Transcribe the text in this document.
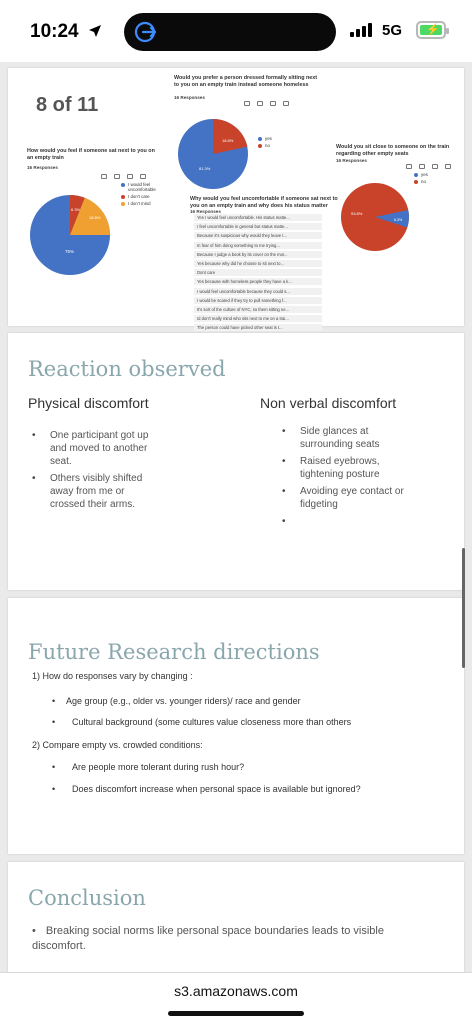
10:24	5G ⚡
8 of 11
How would you feel if someone sat next to you on an empty train
16 Responses
75%
6.3%
18.8%
I would feel uncomfortable
I don't care
I don't mind
Would you prefer a person dressed formally sitting next to you on an empty train instead someone homeless
16 Responses
81.3%
18.8%	yes
no	Would you sit close to someone on the train regarding other empty seats
16 Responses
93.8%
6.3%
yes
no
Why would you feel uncomfortable if someone sat next to you on an empty train and why does his status matter
16 Responses
Yes I would feel uncomfortable. His status matte...
I feel uncomfortable in general but status matte...
Because it's suspicious why would they leave t...
In fear of him doing something to me trying...
Because I judge a book by its cover on the mor...
Yes because why did he choose to sit next to...
Dont care
Yes because with homeless people they have a k...
I would feel uncomfortable because they could s...
I would be scared if they try to pull something f...
It's sort of the culture of NYC, so them sitting ne...
Id don't really mind who sits next to me on a trai...
The person could have picked other seat is t...
Reaction observed
Physical discomfort	Non verbal discomfort
• One participant got up and moved to another seat.
• Others visibly shifted away from me or crossed their arms.
• Side glances at surrounding seats
• Raised eyebrows, tightening posture
• Avoiding eye contact or fidgeting
Future Research directions
1) How do responses vary by changing :
• Age group (e.g., older vs. younger riders)/ race and gender
• Cultural background (some cultures value closeness more than others
2) Compare empty vs. crowded conditions:
• Are people more tolerant during rush hour?
• Does discomfort increase when personal space is available but ignored?
Conclusion
• Breaking social norms like personal space boundaries leads to visible discomfort.
s3.amazonaws.com
